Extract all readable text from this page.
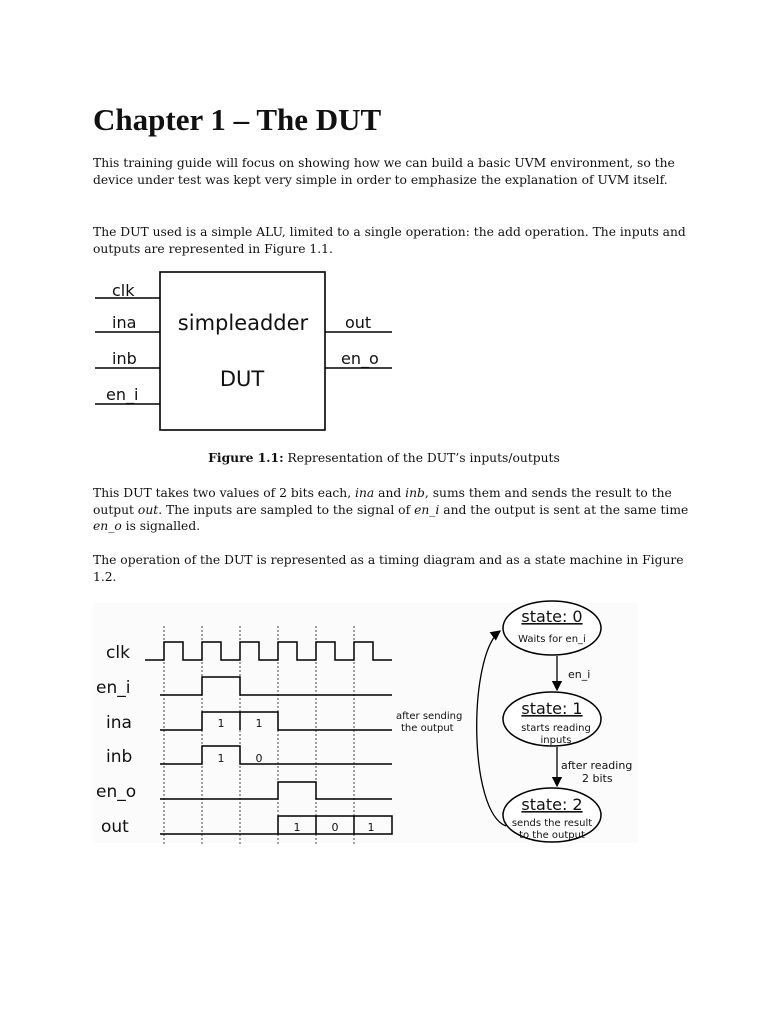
Chapter 1 – The DUT

This training guide will focus on showing how we can build a basic UVM environment, so the device under test was kept very simple in order to emphasize the explanation of UVM itself.

The DUT used is a simple ALU, limited to a single operation: the add operation. The inputs and outputs are represented in Figure 1.1.

clk
ina
inb
en_i
out
en_o
simpleadder
DUT
Figure 1.1: Representation of the DUT’s inputs/outputs

This DUT takes two values of 2 bits each, ina and inb, sums them and sends the result to the output out. The inputs are sampled to the signal of en_i and the output is sent at the same time en_o is signalled.

The operation of the DUT is represented as a timing diagram and as a state machine in Figure 1.2.

clk
en_i
ina
inb
en_o
out
1	1
1	0
1	0	1
state: 0
Waits for en_i
state: 1
starts reading
inputs
state: 2
sends the result
to the output
en_i
after reading
2 bits
after sending
the output
